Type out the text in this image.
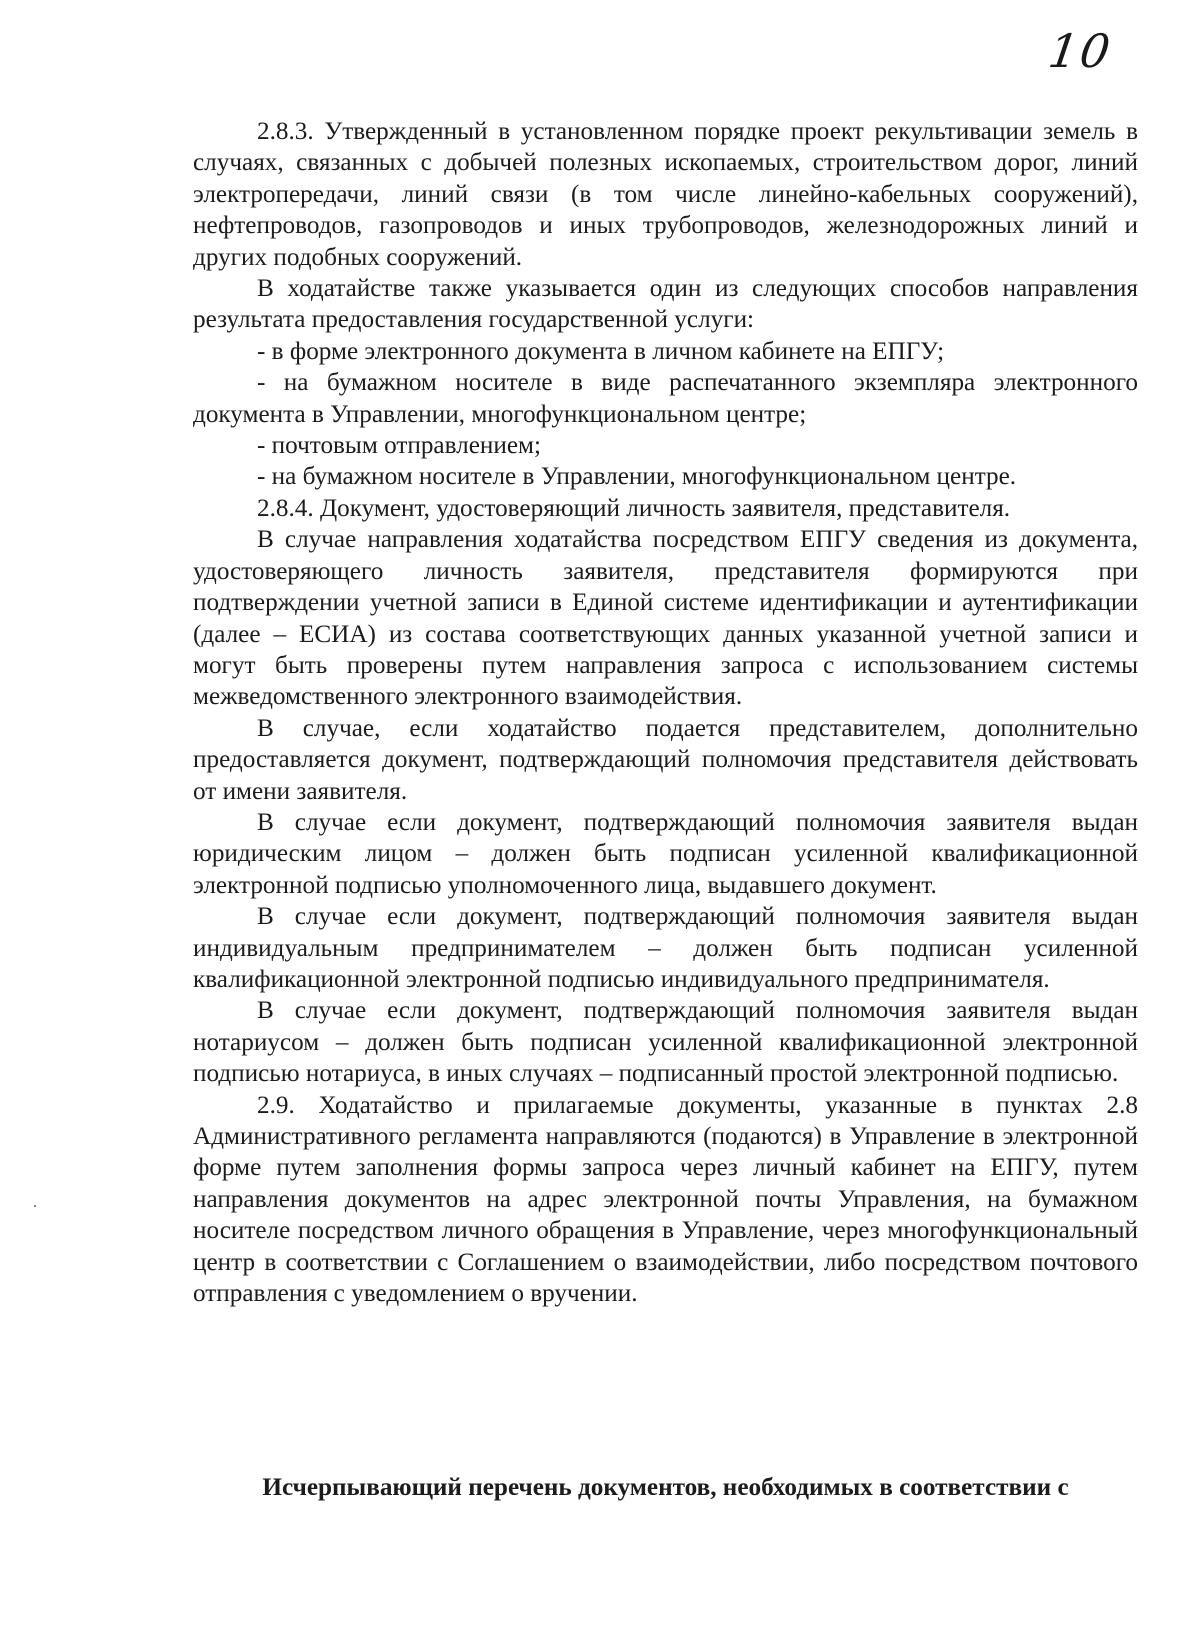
10

2.8.3. Утвержденный в установленном порядке проект рекультивации земель в случаях, связанных с добычей полезных ископаемых, строительством дорог, линий электропередачи, линий связи (в том числе линейно-кабельных сооружений), нефтепроводов, газопроводов и иных трубопроводов, железнодорожных линий и других подобных сооружений.

В ходатайстве также указывается один из следующих способов направления результата предоставления государственной услуги:

- в форме электронного документа в личном кабинете на ЕПГУ;

- на бумажном носителе в виде распечатанного экземпляра электронного документа в Управлении, многофункциональном центре;

- почтовым отправлением;

- на бумажном носителе в Управлении, многофункциональном центре.

2.8.4. Документ, удостоверяющий личность заявителя, представителя.

В случае направления ходатайства посредством ЕПГУ сведения из документа, удостоверяющего личность заявителя, представителя формируются при подтверждении учетной записи в Единой системе идентификации и аутентификации (далее – ЕСИА) из состава соответствующих данных указанной учетной записи и могут быть проверены путем направления запроса с использованием системы межведомственного электронного взаимодействия.

В случае, если ходатайство подается представителем, дополнительно предоставляется документ, подтверждающий полномочия представителя действовать от имени заявителя.

В случае если документ, подтверждающий полномочия заявителя выдан юридическим лицом – должен быть подписан усиленной квалификационной электронной подписью уполномоченного лица, выдавшего документ.

В случае если документ, подтверждающий полномочия заявителя выдан индивидуальным предпринимателем – должен быть подписан усиленной квалификационной электронной подписью индивидуального предпринимателя.

В случае если документ, подтверждающий полномочия заявителя выдан нотариусом – должен быть подписан усиленной квалификационной электронной подписью нотариуса, в иных случаях – подписанный простой электронной подписью.

2.9. Ходатайство и прилагаемые документы, указанные в пунктах 2.8 Административного регламента направляются (подаются) в Управление в электронной форме путем заполнения формы запроса через личный кабинет на ЕПГУ, путем направления документов на адрес электронной почты Управления, на бумажном носителе посредством личного обращения в Управление, через многофункциональный центр в соответствии с Соглашением о взаимодействии, либо посредством почтового отправления с уведомлением о вручении.

Исчерпывающий перечень документов, необходимых в соответствии с
